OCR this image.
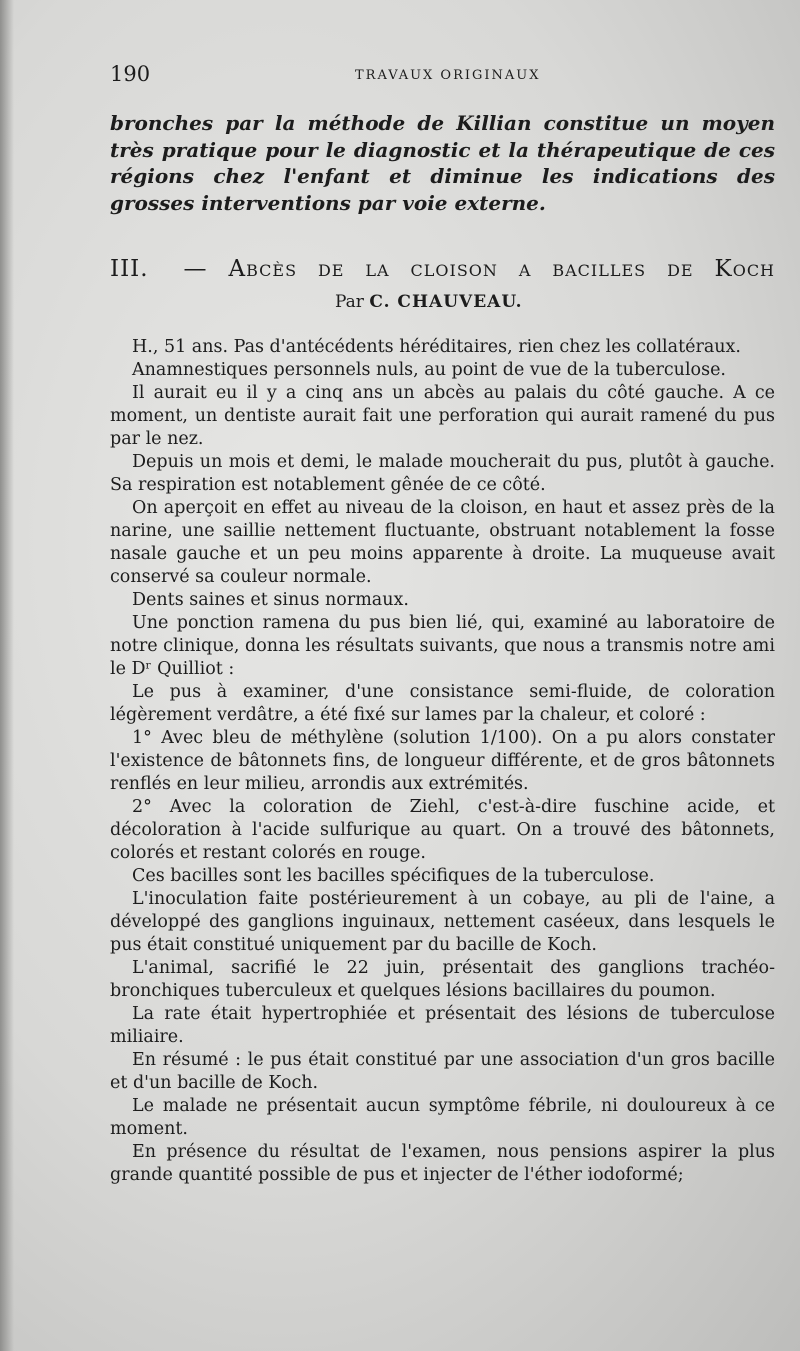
190	TRAVAUX ORIGINAUX

bronches par la méthode de Killian constitue un moyen très pratique pour le diagnostic et la thérapeutique de ces régions chez l'enfant et diminue les indications des grosses interventions par voie externe.

III. — Abcès de la cloison a bacilles de Koch
Par C. CHAUVEAU.

H., 51 ans. Pas d'antécédents héréditaires, rien chez les collatéraux.

Anamnestiques personnels nuls, au point de vue de la tuberculose.

Il aurait eu il y a cinq ans un abcès au palais du côté gauche. A ce moment, un dentiste aurait fait une perforation qui aurait ramené du pus par le nez.

Depuis un mois et demi, le malade moucherait du pus, plutôt à gauche. Sa respiration est notablement gênée de ce côté.

On aperçoit en effet au niveau de la cloison, en haut et assez près de la narine, une saillie nettement fluctuante, obstruant notablement la fosse nasale gauche et un peu moins apparente à droite. La muqueuse avait conservé sa couleur normale.

Dents saines et sinus normaux.

Une ponction ramena du pus bien lié, qui, examiné au laboratoire de notre clinique, donna les résultats suivants, que nous a transmis notre ami le Dʳ Quilliot :

Le pus à examiner, d'une consistance semi-fluide, de coloration légèrement verdâtre, a été fixé sur lames par la chaleur, et coloré :

1° Avec bleu de méthylène (solution 1/100). On a pu alors constater l'existence de bâtonnets fins, de longueur différente, et de gros bâtonnets renflés en leur milieu, arrondis aux extrémités.

2° Avec la coloration de Ziehl, c'est-à-dire fuschine acide, et décoloration à l'acide sulfurique au quart. On a trouvé des bâtonnets, colorés et restant colorés en rouge.

Ces bacilles sont les bacilles spécifiques de la tuberculose.

L'inoculation faite postérieurement à un cobaye, au pli de l'aine, a développé des ganglions inguinaux, nettement caséeux, dans lesquels le pus était constitué uniquement par du bacille de Koch.

L'animal, sacrifié le 22 juin, présentait des ganglions trachéo-bronchiques tuberculeux et quelques lésions bacillaires du poumon.

La rate était hypertrophiée et présentait des lésions de tuberculose miliaire.

En résumé : le pus était constitué par une association d'un gros bacille et d'un bacille de Koch.

Le malade ne présentait aucun symptôme fébrile, ni douloureux à ce moment.

En présence du résultat de l'examen, nous pensions aspirer la plus grande quantité possible de pus et injecter de l'éther iodoformé;
